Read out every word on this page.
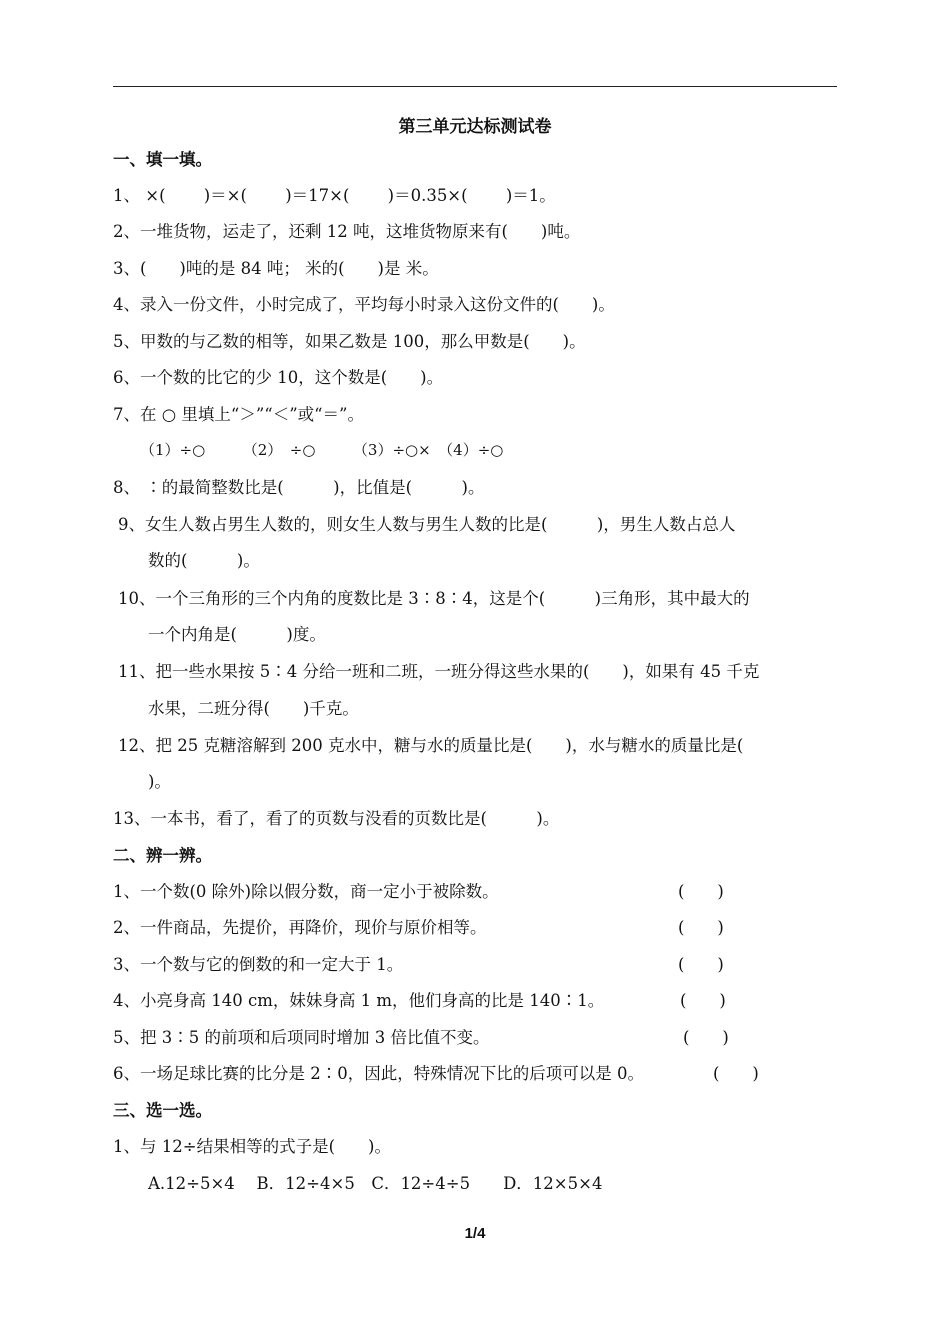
第三单元达标测试卷
一、填一填。
1、 ×(　　 )＝×(　　 )＝17×(　　 )＝0.35×(　　 )＝1。
2、一堆货物，运走了，还剩 12 吨，这堆货物原来有(　　)吨。
3、(　　)吨的是 84 吨； 米的(　　)是 米。
4、录入一份文件，小时完成了，平均每小时录入这份文件的(　　)。
5、甲数的与乙数的相等，如果乙数是 100，那么甲数是(　　)。
6、一个数的比它的少 10，这个数是(　　)。
7、在 ○ 里填上“＞”“＜”或“＝”。
（1）÷○　　　（2）　÷○　　　（3）÷○×　（4）÷○
8、 ∶的最简整数比是(　　　)，比值是(　　　)。
9、女生人数占男生人数的，则女生人数与男生人数的比是(　　　)，男生人数占总人
数的(　　　)。
10、一个三角形的三个内角的度数比是 3∶8∶4，这是个(　　　)三角形，其中最大的
一个内角是(　　　)度。
11、把一些水果按 5∶4 分给一班和二班，一班分得这些水果的(　　)，如果有 45 千克
水果，二班分得(　　)千克。
12、把 25 克糖溶解到 200 克水中，糖与水的质量比是(　　)，水与糖水的质量比是(
)。
13、一本书，看了，看了的页数与没看的页数比是(　　　)。
二、辨一辨。
1、一个数(0 除外)除以假分数，商一定小于被除数。	(　　)
2、一件商品，先提价，再降价，现价与原价相等。	(　　)
3、一个数与它的倒数的和一定大于 1。	(　　)
4、小亮身高 140 cm，妹妹身高 1 m，他们身高的比是 140∶1。	(　　)
5、把 3∶5 的前项和后项同时增加 3 倍比值不变。	(　　)
6、一场足球比赛的比分是 2∶0，因此，特殊情况下比的后项可以是 0。	(　　)
三、选一选。
1、与 12÷结果相等的式子是(　　)。
A.12÷5×4　 B．12÷4×5　C．12÷4÷5　　D．12×5×4
1/4
